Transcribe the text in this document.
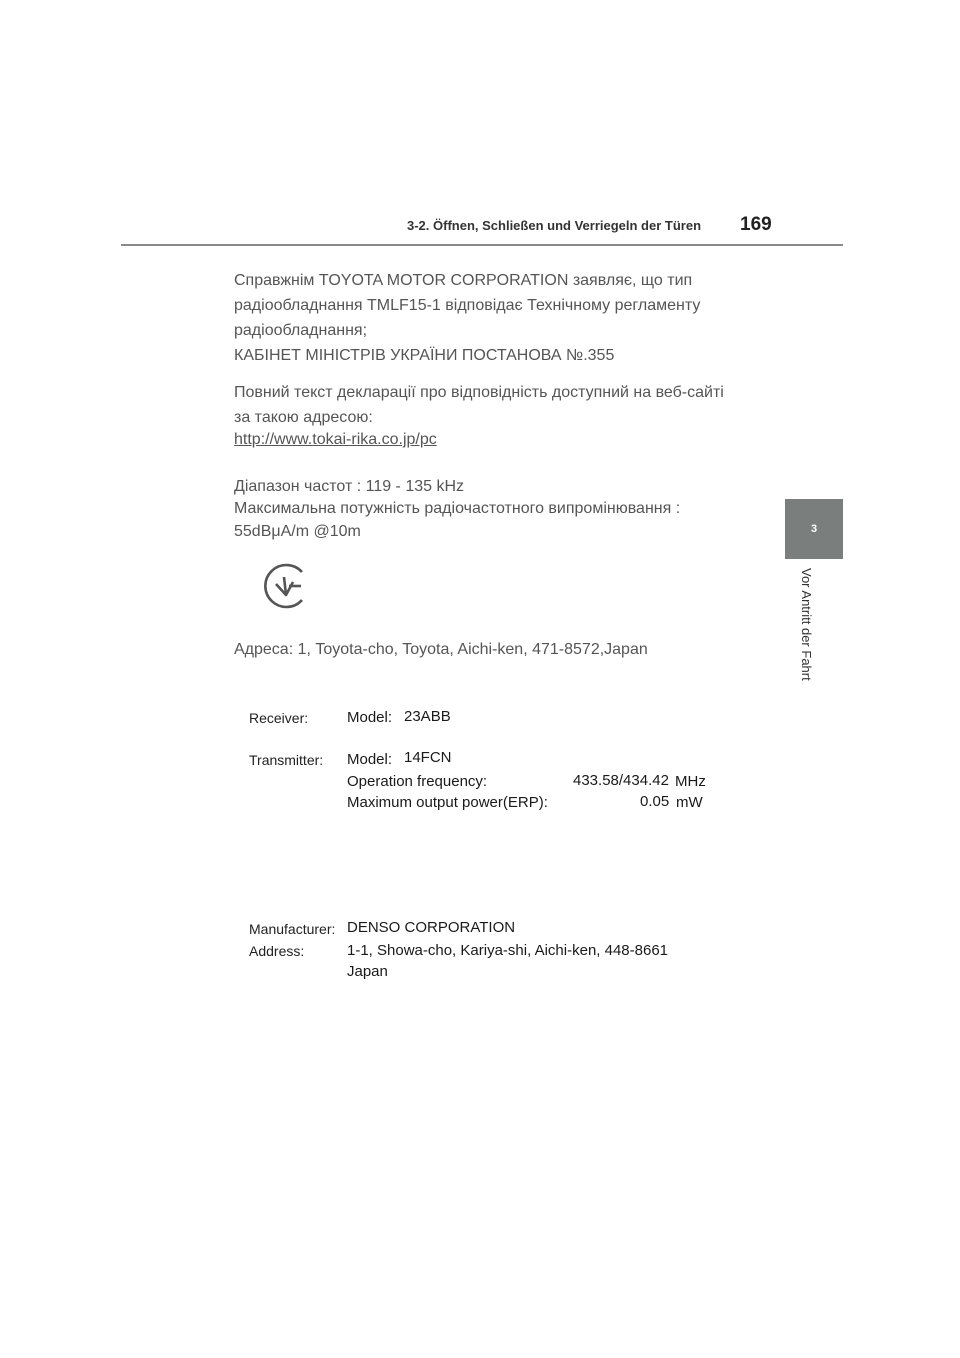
3-2. Öffnen, Schließen und Verriegeln der Türen 169
3
Vor Antritt der Fahrt
Справжнім TOYOTA MOTOR CORPORATION заявляє, що тип
радіообладнання TMLF15-1 відповідає Технічному регламенту
радіообладнання;
КАБІНЕТ МІНІСТРІВ УКРАЇНИ ПОСТАНОВА №.355
Повний текст декларації про відповідність доступний на веб-сайті
за такою адресою:
http://www.tokai-rika.co.jp/pc
Діапазон частот : 119 - 135 kHz
Максимальна потужність радіочастотного випромінювання :
55dBμA/m @10m
Адреса: 1, Toyota-cho, Toyota, Aichi-ken, 471-8572,Japan
Receiver:	Model: 23ABB
Transmitter: Model: 14FCN
Operation frequency:	433.58/434.42 MHz
Maximum output power(ERP):	0.05 mW
Manufacturer: DENSO CORPORATION
Address:	1-1, Showa-cho, Kariya-shi, Aichi-ken, 448-8661
Japan
